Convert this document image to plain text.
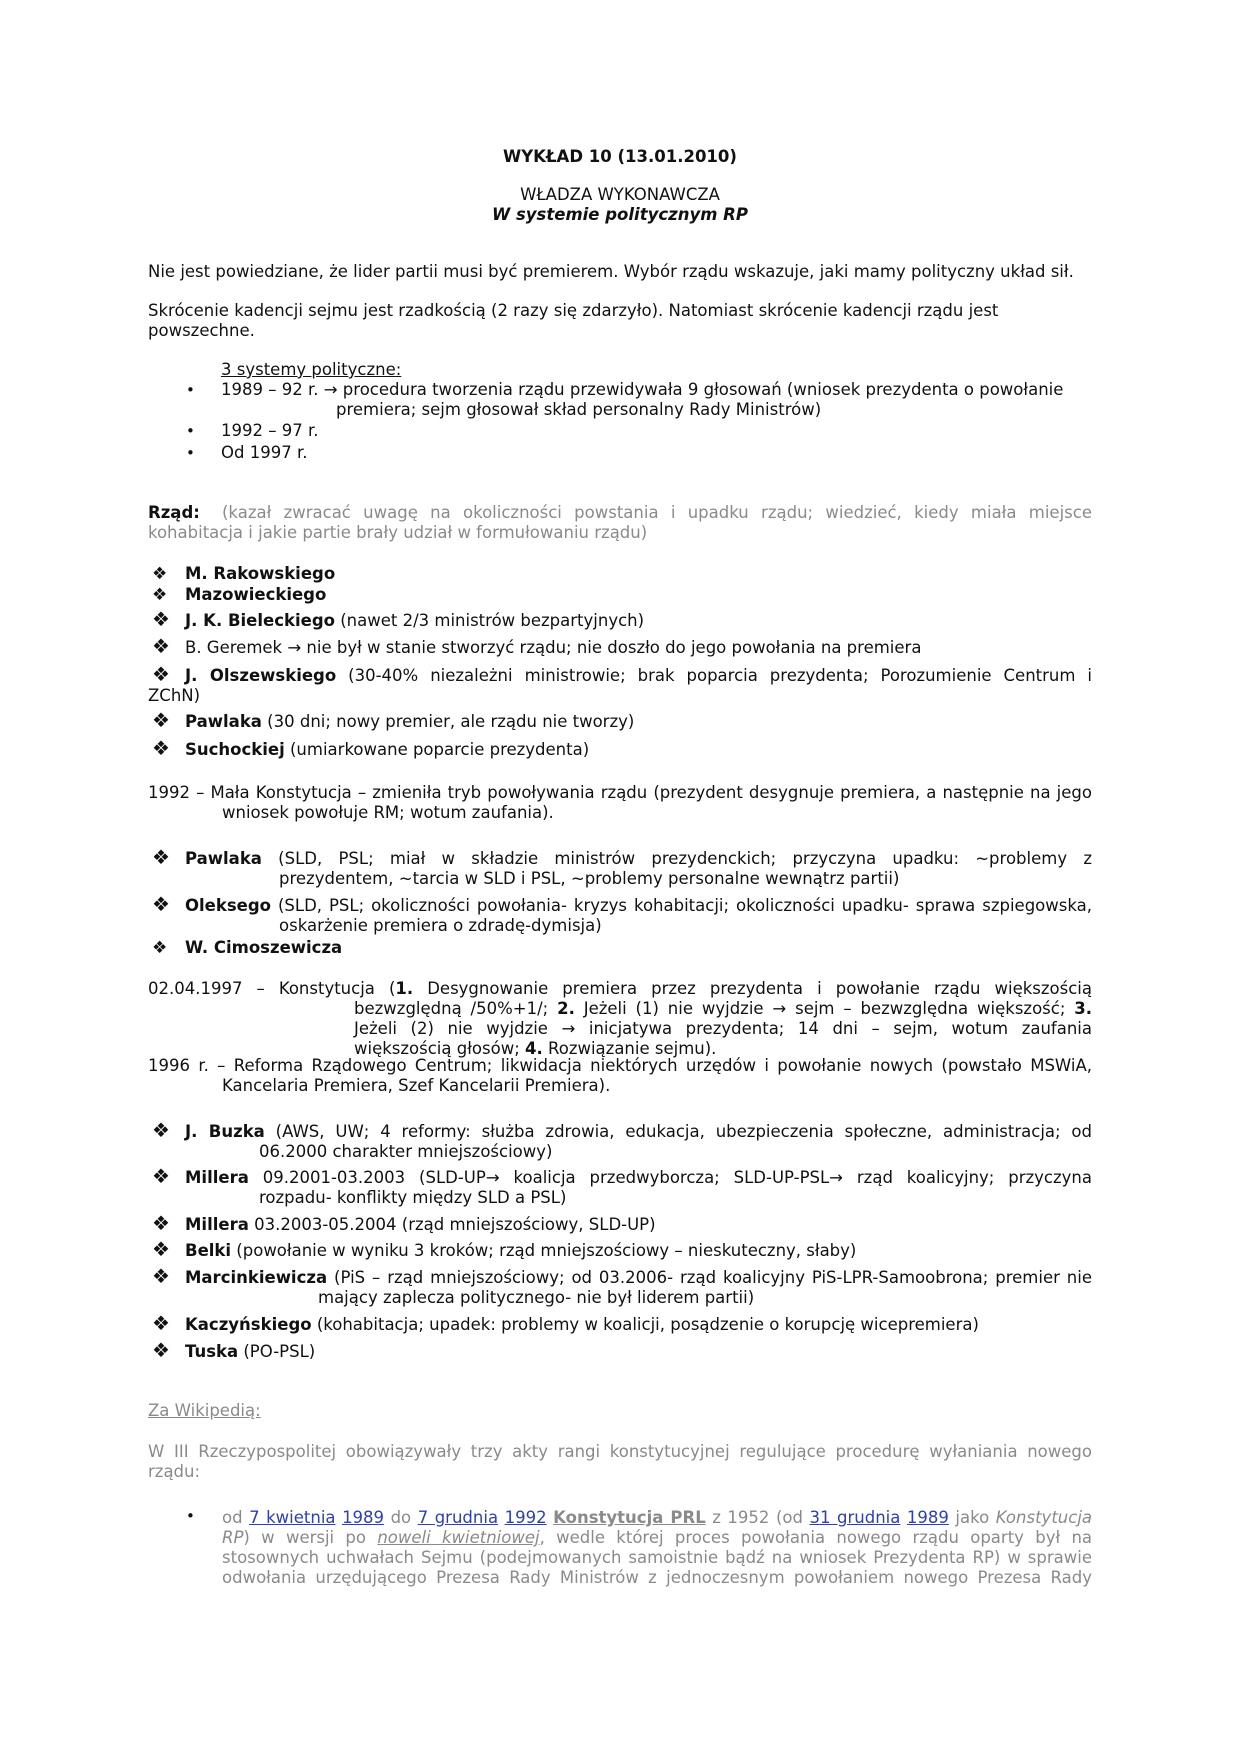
WYKŁAD 10 (13.01.2010)
WŁADZA WYKONAWCZA
W systemie politycznym RP
Nie jest powiedziane, że lider partii musi być premierem. Wybór rządu wskazuje, jaki mamy polityczny układ sił.
Skrócenie kadencji sejmu jest rzadkością (2 razy się zdarzyło). Natomiast skrócenie kadencji rządu jest
powszechne.
3 systemy polityczne:
• 1989 – 92 r. → procedura tworzenia rządu przewidywała 9 głosowań (wniosek prezydenta o powołanie
premiera; sejm głosował skład personalny Rady Ministrów)
• 1992 – 97 r.
• Od 1997 r.
Rząd: (kazał zwracać uwagę na okoliczności powstania i upadku rządu; wiedzieć, kiedy miała miejsce
kohabitacja i jakie partie brały udział w formułowaniu rządu)
❖ M. Rakowskiego
❖ Mazowieckiego
❖ J. K. Bieleckiego (nawet 2/3 ministrów bezpartyjnych)
❖ B. Geremek → nie był w stanie stworzyć rządu; nie doszło do jego powołania na premiera
❖ J. Olszewskiego (30-40% niezależni ministrowie; brak poparcia prezydenta; Porozumienie Centrum i
ZChN)
❖ Pawlaka (30 dni; nowy premier, ale rządu nie tworzy)
❖ Suchockiej (umiarkowane poparcie prezydenta)
1992 – Mała Konstytucja – zmieniła tryb powoływania rządu (prezydent desygnuje premiera, a następnie na jego
wniosek powołuje RM; wotum zaufania).
❖ Pawlaka (SLD, PSL; miał w składzie ministrów prezydenckich; przyczyna upadku: ~problemy z
prezydentem, ~tarcia w SLD i PSL, ~problemy personalne wewnątrz partii)
❖ Oleksego (SLD, PSL; okoliczności powołania- kryzys kohabitacji; okoliczności upadku- sprawa szpiegowska,
oskarżenie premiera o zdradę-dymisja)
❖ W. Cimoszewicza
02.04.1997 – Konstytucja (1. Desygnowanie premiera przez prezydenta i powołanie rządu większością
bezwzględną /50%+1/; 2. Jeżeli (1) nie wyjdzie → sejm – bezwzględna większość; 3.
Jeżeli (2) nie wyjdzie → inicjatywa prezydenta; 14 dni – sejm, wotum zaufania
większością głosów; 4. Rozwiązanie sejmu).
1996 r. – Reforma Rządowego Centrum; likwidacja niektórych urzędów i powołanie nowych (powstało MSWiA,
Kancelaria Premiera, Szef Kancelarii Premiera).
❖ J. Buzka (AWS, UW; 4 reformy: służba zdrowia, edukacja, ubezpieczenia społeczne, administracja; od
06.2000 charakter mniejszościowy)
❖ Millera 09.2001-03.2003 (SLD-UP→ koalicja przedwyborcza; SLD-UP-PSL→ rząd koalicyjny; przyczyna
rozpadu- konflikty między SLD a PSL)
❖ Millera 03.2003-05.2004 (rząd mniejszościowy, SLD-UP)
❖ Belki (powołanie w wyniku 3 kroków; rząd mniejszościowy – nieskuteczny, słaby)
❖ Marcinkiewicza (PiS – rząd mniejszościowy; od 03.2006- rząd koalicyjny PiS-LPR-Samoobrona; premier nie
mający zaplecza politycznego- nie był liderem partii)
❖ Kaczyńskiego (kohabitacja; upadek: problemy w koalicji, posądzenie o korupcję wicepremiera)
❖ Tuska (PO-PSL)
Za Wikipedią:
W III Rzeczypospolitej obowiązywały trzy akty rangi konstytucyjnej regulujące procedurę wyłaniania nowego
rządu:
• od 7 kwietnia 1989 do 7 grudnia 1992 Konstytucja PRL z 1952 (od 31 grudnia 1989 jako Konstytucja
RP) w wersji po noweli kwietniowej, wedle której proces powołania nowego rządu oparty był na
stosownych uchwałach Sejmu (podejmowanych samoistnie bądź na wniosek Prezydenta RP) w sprawie
odwołania urzędującego Prezesa Rady Ministrów z jednoczesnym powołaniem nowego Prezesa Rady
